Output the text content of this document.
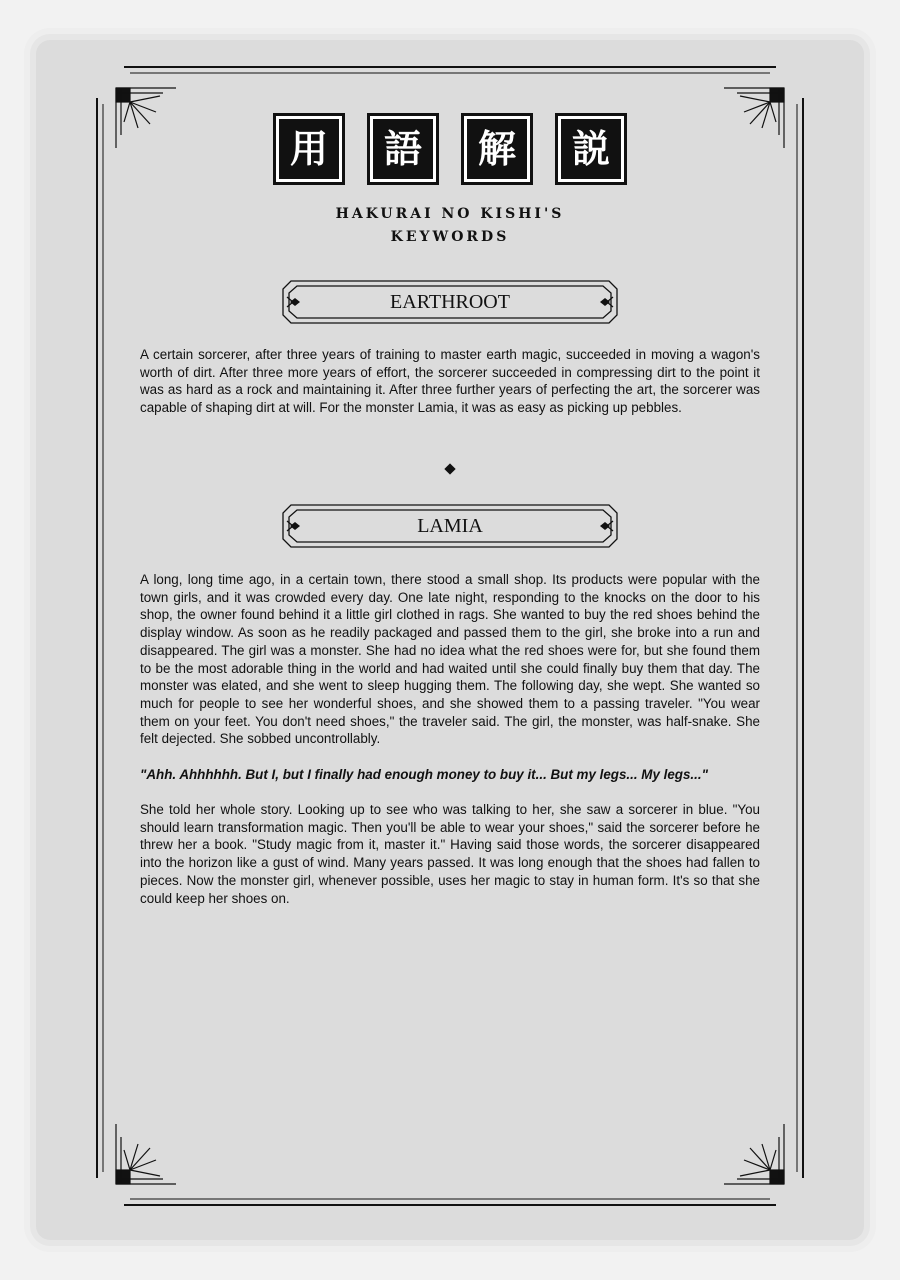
用 語 解 説
HAKURAI NO KISHI'S
KEYWORDS
EARTHROOT

A certain sorcerer, after three years of training to master earth magic, succeeded in moving a wagon's worth of dirt. After three more years of effort, the sorcerer succeeded in compressing dirt to the point it was as hard as a rock and maintaining it. After three further years of perfecting the art, the sorcerer was capable of shaping dirt at will. For the monster Lamia, it was as easy as picking up pebbles.

LAMIA

A long, long time ago, in a certain town, there stood a small shop. Its products were popular with the town girls, and it was crowded every day. One late night, responding to the knocks on the door to his shop, the owner found behind it a little girl clothed in rags. She wanted to buy the red shoes behind the display window. As soon as he readily packaged and passed them to the girl, she broke into a run and disappeared. The girl was a monster. She had no idea what the red shoes were for, but she found them to be the most adorable thing in the world and had waited until she could finally buy them that day. The monster was elated, and she went to sleep hugging them. The following day, she wept. She wanted so much for people to see her wonderful shoes, and she showed them to a passing traveler. "You wear them on your feet. You don't need shoes," the traveler said. The girl, the monster, was half-snake. She felt dejected. She sobbed uncontrollably.

"Ahh. Ahhhhhh. But I, but I finally had enough money to buy it... But my legs... My legs..."

She told her whole story. Looking up to see who was talking to her, she saw a sorcerer in blue. "You should learn transformation magic. Then you'll be able to wear your shoes," said the sorcerer before he threw her a book. "Study magic from it, master it." Having said those words, the sorcerer disappeared into the horizon like a gust of wind. Many years passed. It was long enough that the shoes had fallen to pieces. Now the monster girl, whenever possible, uses her magic to stay in human form. It's so that she could keep her shoes on.
